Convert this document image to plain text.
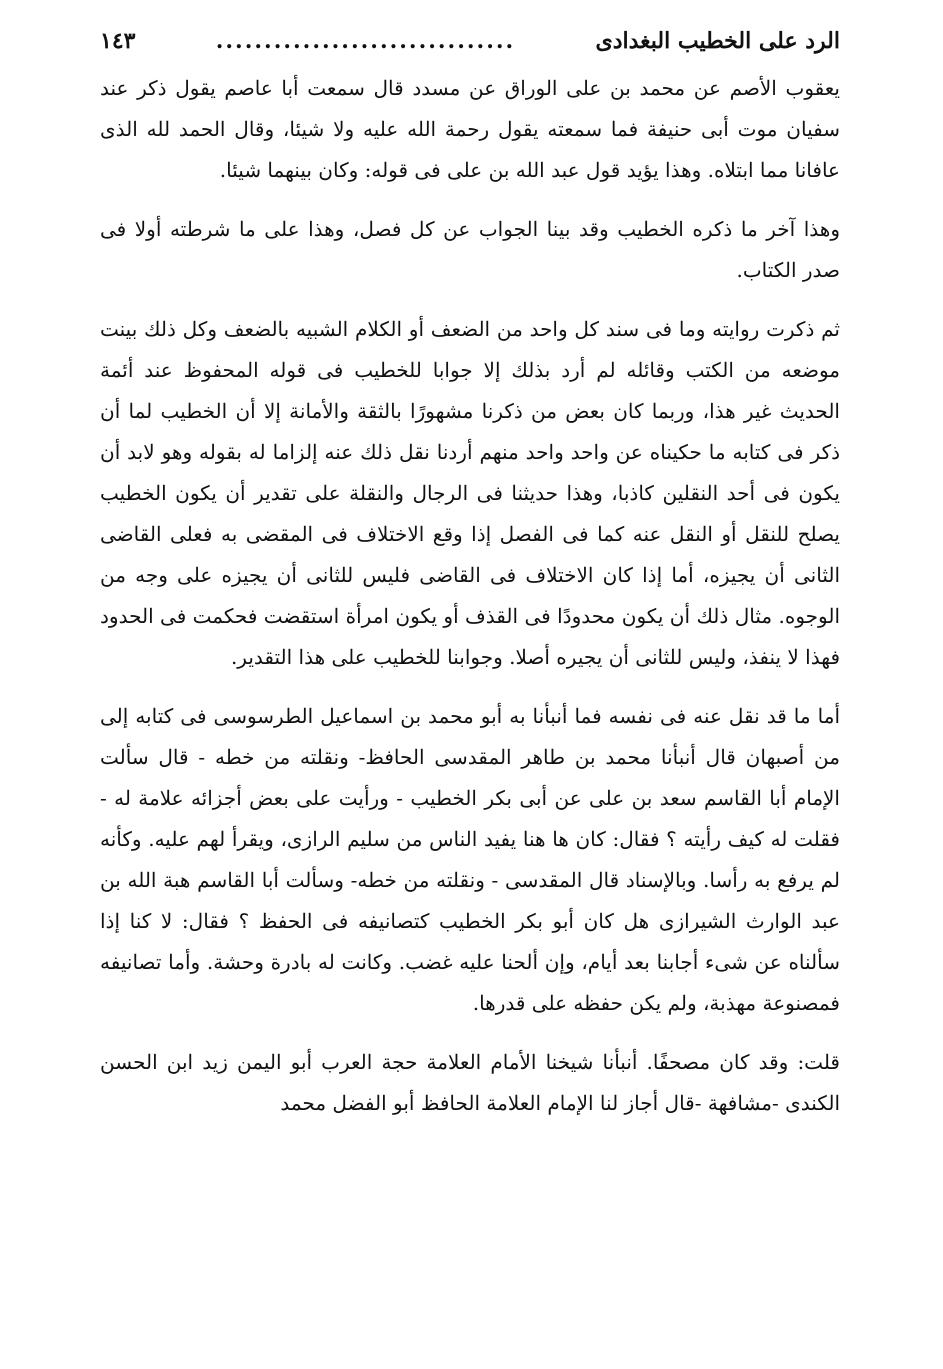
الرد على الخطيب البغدادى
...............................
١٤٣

يعقوب الأصم عن محمد بن على الوراق عن مسدد قال سمعت أبا عاصم يقول ذكر عند سفيان موت أبى حنيفة فما سمعته يقول رحمة الله عليه ولا شيئا، وقال الحمد لله الذى عافانا مما ابتلاه. وهذا يؤيد قول عبد الله بن على فى قوله: وكان بينهما شيئا.

وهذا آخر ما ذكره الخطيب وقد بينا الجواب عن كل فصل، وهذا على ما شرطته أولا فى صدر الكتاب.

ثم ذكرت روايته وما فى سند كل واحد من الضعف أو الكلام الشبيه بالضعف وكل ذلك بينت موضعه من الكتب وقائله لم أرد بذلك إلا جوابا للخطيب فى قوله المحفوظ عند أئمة الحديث غير هذا، وربما كان بعض من ذكرنا مشهورًا بالثقة والأمانة إلا أن الخطيب لما أن ذكر فى كتابه ما حكيناه عن واحد واحد منهم أردنا نقل ذلك عنه إلزاما له بقوله وهو لابد أن يكون فى أحد النقلين كاذبا، وهذا حديثنا فى الرجال والنقلة على تقدير أن يكون الخطيب يصلح للنقل أو النقل عنه كما فى الفصل إذا وقع الاختلاف فى المقضى به فعلى القاضى الثانى أن يجيزه، أما إذا كان الاختلاف فى القاضى فليس للثانى أن يجيزه على وجه من الوجوه. مثال ذلك أن يكون محدودًا فى القذف أو يكون امرأة استقضت فحكمت فى الحدود فهذا لا ينفذ، وليس للثانى أن يجيره أصلا. وجوابنا للخطيب على هذا التقدير.

أما ما قد نقل عنه فى نفسه فما أنبأنا به أبو محمد بن اسماعيل الطرسوسى فى كتابه إلى من أصبهان قال أنبأنا محمد بن طاهر المقدسى الحافظ- ونقلته من خطه - قال سألت الإمام أبا القاسم سعد بن على عن أبى بكر الخطيب - ورأيت على بعض أجزائه علامة له - فقلت له كيف رأيته ؟ فقال: كان ها هنا يفيد الناس من سليم الرازى، ويقرأ لهم عليه. وكأنه لم يرفع به رأسا. وبالإسناد قال المقدسى - ونقلته من خطه- وسألت أبا القاسم هبة الله بن عبد الوارث الشيرازى هل كان أبو بكر الخطيب كتصانيفه فى الحفظ ؟ فقال: لا كنا إذا سألناه عن شىء أجابنا بعد أيام، وإن ألحنا عليه غضب. وكانت له بادرة وحشة. وأما تصانيفه فمصنوعة مهذبة، ولم يكن حفظه على قدرها.

قلت: وقد كان مصحفًا. أنبأنا شيخنا الأمام العلامة حجة العرب أبو اليمن زيد ابن الحسن الكندى -مشافهة -قال أجاز لنا الإمام العلامة الحافظ أبو الفضل محمد
